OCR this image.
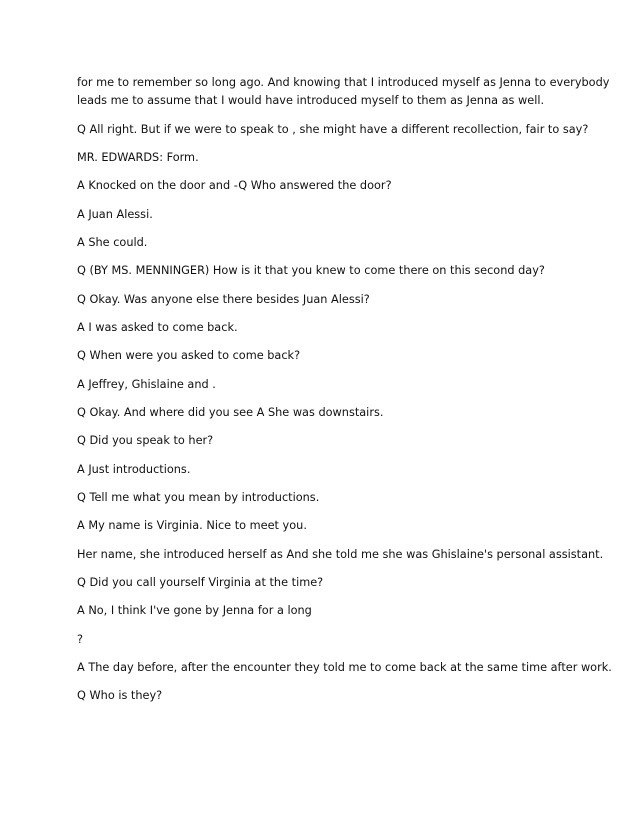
for me to remember so long ago. And knowing that I introduced myself as Jenna to everybody

leads me to assume that I would have introduced myself to them as Jenna as well.

Q All right. But if we were to speak to , she might have a different recollection, fair to say?

MR. EDWARDS: Form.

A Knocked on the door and -Q Who answered the door?

A Juan Alessi.

A She could.

Q (BY MS. MENNINGER) How is it that you knew to come there on this second day?

Q Okay. Was anyone else there besides Juan Alessi?

A I was asked to come back.

Q When were you asked to come back?

A Jeffrey, Ghislaine and .

Q Okay. And where did you see A She was downstairs.

Q Did you speak to her?

A Just introductions.

Q Tell me what you mean by introductions.

A My name is Virginia. Nice to meet you.

Her name, she introduced herself as And she told me she was Ghislaine's personal assistant.

Q Did you call yourself Virginia at the time?

A No, I think I've gone by Jenna for a long

?

A The day before, after the encounter they told me to come back at the same time after work.

Q Who is they?
